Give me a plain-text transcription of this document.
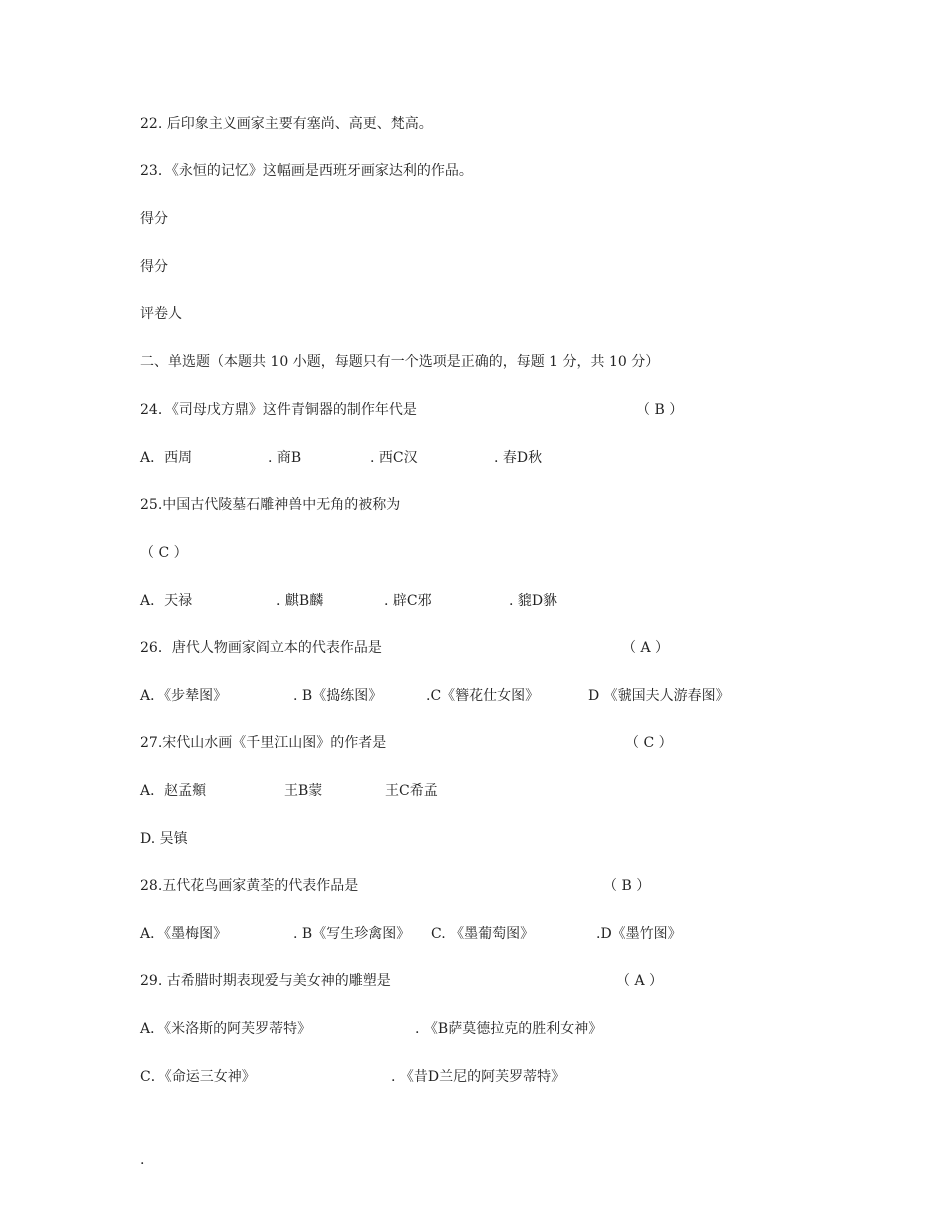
22. 后印象主义画家主要有塞尚、高更、梵高。
23．《永恒的记忆》这幅画是西班牙画家达利的作品。
得分
得分
评卷人
二、单选题（本题共 10 小题，每题只有一个选项是正确的，每题 1 分，共 10 分）
24．《司母戊方鼎》这件青铜器的制作年代是	（ B ）

A．西周

	. 商B

	. 西C汉

	. 春D秋

25.中国古代陵墓石雕神兽中无角的被称为
（ C ）

A．天禄

	. 麒B麟

	. 辟C邪

	. 貔D貅

26．唐代人物画家阎立本的代表作品是	（ A ）

A．《步辇图》

	. B《捣练图》

	.C《簪花仕女图》

	D 《虢国夫人游春图》

27.宋代山水画《千里江山图》的作者是	（ C ）

A．赵孟頫

	王B蒙

	王C希孟

D. 吴镇
28.五代花鸟画家黄荃的代表作品是	（ B ）

A．《墨梅图》

	. B《写生珍禽图》

C. 《墨葡萄图》

	.D《墨竹图》

29. 古希腊时期表现爱与美女神的雕塑是	（ A ）

A．《米洛斯的阿芙罗蒂特》

	. 《B萨莫德拉克的胜利女神》

C．《命运三女神》

	. 《昔D兰尼的阿芙罗蒂特》

.
